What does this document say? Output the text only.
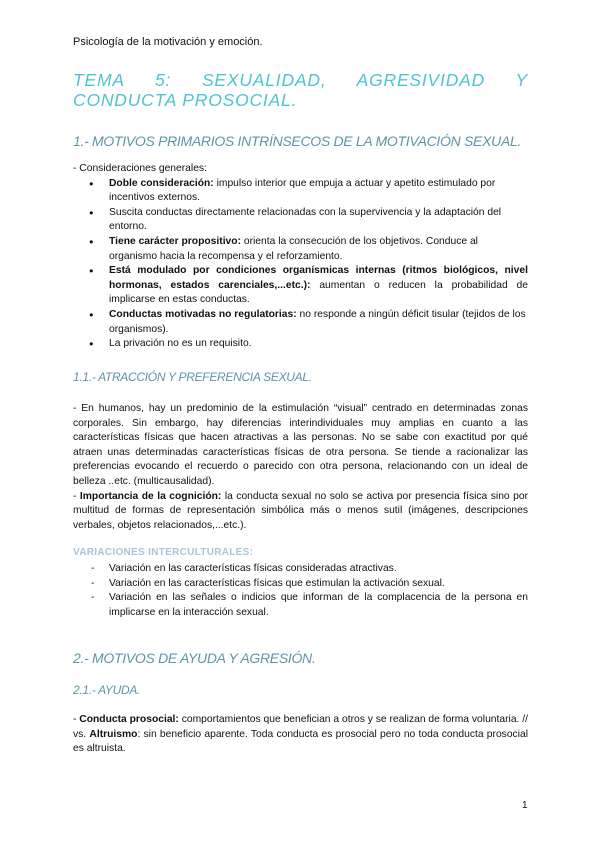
Psicología de la motivación y emoción.
TEMA 5: SEXUALIDAD, AGRESIVIDAD Y CONDUCTA PROSOCIAL.
1.- MOTIVOS PRIMARIOS INTRÍNSECOS DE LA MOTIVACIÓN SEXUAL.

- Consideraciones generales:

● Doble consideración: impulso interior que empuja a actuar y apetito estimulado por incentivos externos.
● Suscita conductas directamente relacionadas con la supervivencia y la adaptación del entorno.
● Tiene carácter propositivo: orienta la consecución de los objetivos. Conduce al organismo hacia la recompensa y el reforzamiento.
● Está modulado por condiciones organísmicas internas (ritmos biológicos, nivel hormonas, estados carenciales,...etc.): aumentan o reducen la probabilidad de implicarse en estas conductas.
● Conductas motivadas no regulatorias: no responde a ningún déficit tisular (tejidos de los organismos).
● La privación no es un requisito.
1.1.- ATRACCIÓN Y PREFERENCIA SEXUAL.

- En humanos, hay un predominio de la estimulación “visual” centrado en determinadas zonas corporales. Sin embargo, hay diferencias interindividuales muy amplias en cuanto a las características físicas que hacen atractivas a las personas. No se sabe con exactitud por qué atraen unas determinadas características físicas de otra persona. Se tiende a racionalizar las preferencias evocando el recuerdo o parecido con otra persona, relacionando con un ideal de belleza ..etc. (multicausalidad).

- Importancia de la cognición: la conducta sexual no solo se activa por presencia física sino por multitud de formas de representación simbólica más o menos sutil (imágenes, descripciones verbales, objetos relacionados,...etc.).

VARIACIONES INTERCULTURALES:
- Variación en las características físicas consideradas atractivas.
- Variación en las características físicas que estimulan la activación sexual.
- Variación en las señales o indicios que informan de la complacencia de la persona en implicarse en la interacción sexual.
2.- MOTIVOS DE AYUDA Y AGRESIÓN.
2.1.- AYUDA.

- Conducta prosocial: comportamientos que benefician a otros y se realizan de forma voluntaria. // vs. Altruismo: sin beneficio aparente. Toda conducta es prosocial pero no toda conducta prosocial es altruista.

1
